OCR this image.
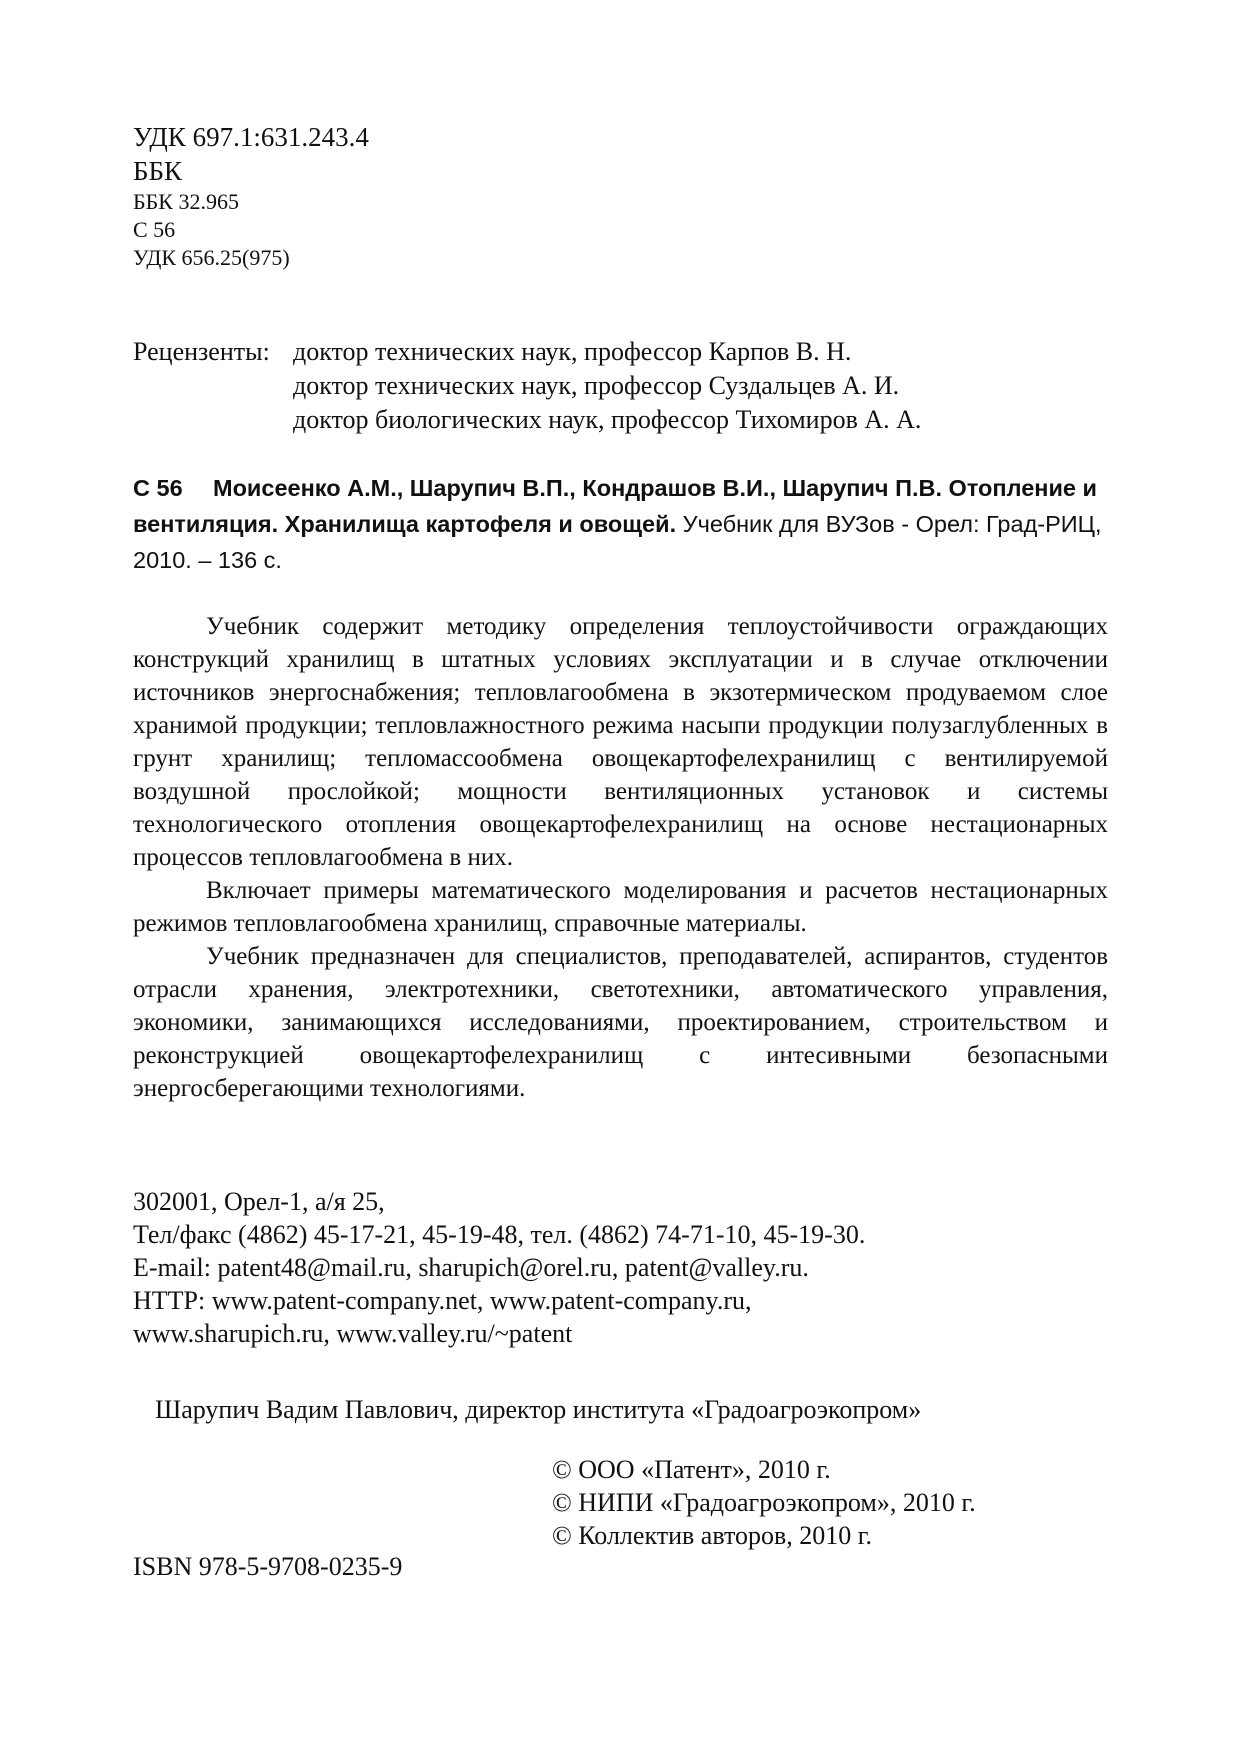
УДК 697.1:631.243.4
ББК
ББК 32.965
С 56
УДК 656.25(975)
Рецензенты: доктор технических наук, профессор Карпов В. Н.
доктор технических наук, профессор Суздальцев А. И.
доктор биологических наук, профессор Тихомиров А. А.
С 56 Моисеенко А.М., Шарупич В.П., Кондрашов В.И., Шарупич П.В. Отопление и вентиляция. Хранилища картофеля и овощей. Учебник для ВУЗов - Орел: Град-РИЦ, 2010. – 136 с.

Учебник содержит методику определения теплоустойчивости ограждающих конструкций хранилищ в штатных условиях эксплуатации и в случае отключении источников энергоснабжения; тепловлагообмена в экзотермическом продуваемом слое хранимой продукции; тепловлажностного режима насыпи продукции полузаглубленных в грунт хранилищ; тепломассообмена овощекартофелехранилищ с вентилируемой воздушной прослойкой; мощности вентиляционных установок и системы технологического отопления овощекартофелехранилищ на основе нестационарных процессов тепловлагообмена в них.

Включает примеры математического моделирования и расчетов нестационарных режимов тепловлагообмена хранилищ, справочные материалы.

Учебник предназначен для специалистов, преподавателей, аспирантов, студентов отрасли хранения, электротехники, светотехники, автоматического управления, экономики, занимающихся исследованиями, проектированием, строительством и реконструкцией овощекартофелехранилищ с интесивными безопасными энергосберегающими технологиями.

302001, Орел-1, а/я 25,
Тел/факс (4862) 45-17-21, 45-19-48, тел. (4862) 74-71-10, 45-19-30.
E-mail: patent48@mail.ru, sharupich@orel.ru, patent@valley.ru.
HTTP: www.patent-company.net, www.patent-company.ru,
www.sharupich.ru, www.valley.ru/~patent
Шарупич Вадим Павлович, директор института «Градоагроэкопром»
© ООО «Патент», 2010 г.
© НИПИ «Градоагроэкопром», 2010 г.
© Коллектив авторов, 2010 г.
ISBN 978-5-9708-0235-9
